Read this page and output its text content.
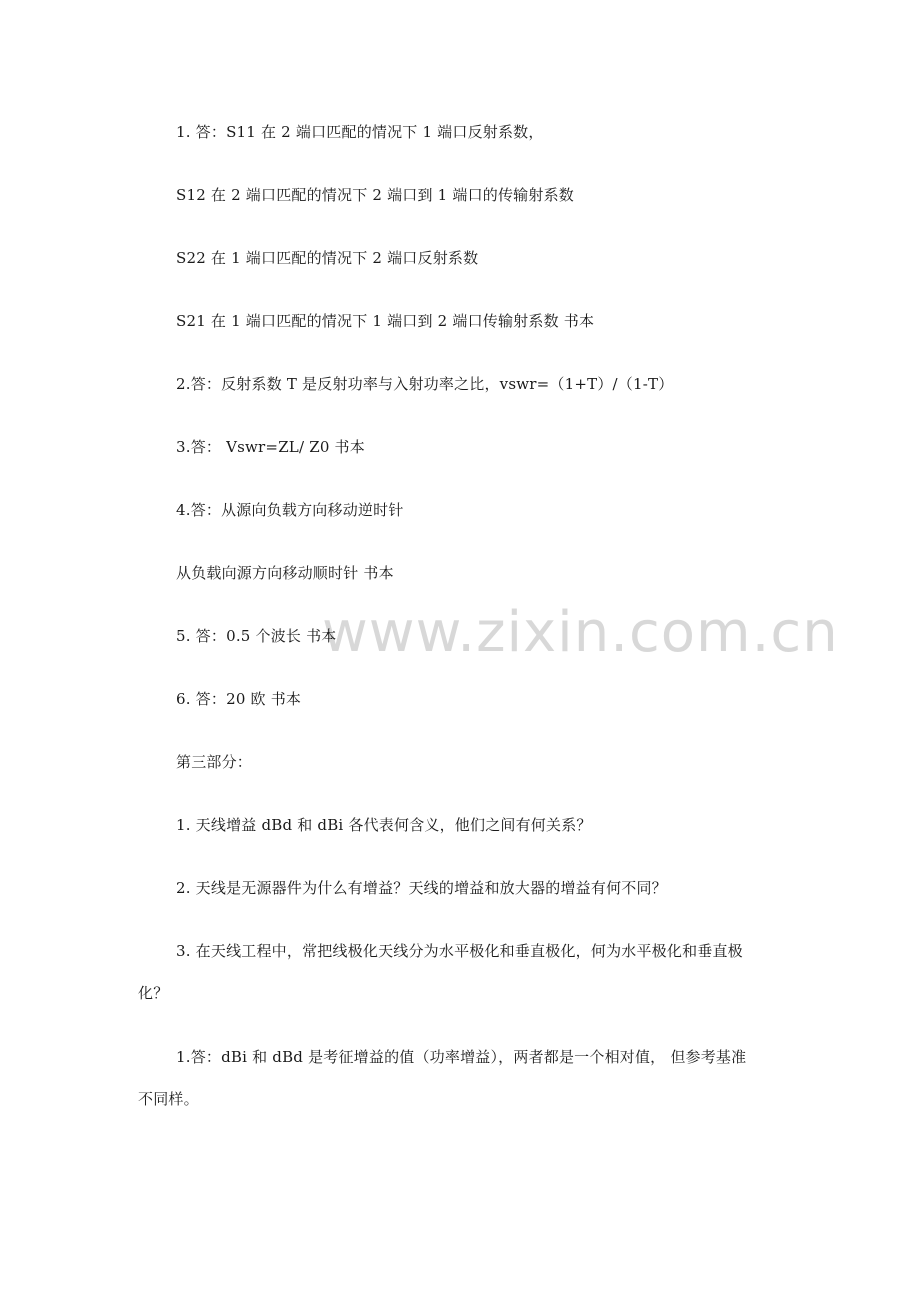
www.zixin.com.cn
1. 答：S11 在 2 端口匹配的情况下 1 端口反射系数，
S12 在 2 端口匹配的情况下 2 端口到 1 端口的传输射系数
S22 在 1 端口匹配的情况下 2 端口反射系数
S21 在 1 端口匹配的情况下 1 端口到 2 端口传输射系数 书本
2.答：反射系数 T 是反射功率与入射功率之比，vswr=（1+T）/（1-T）
3.答： Vswr=ZL/ Z0 书本
4.答：从源向负载方向移动逆时针
从负载向源方向移动顺时针 书本
5. 答：0.5 个波长 书本
6. 答：20 欧 书本
第三部分：
1. 天线增益 dBd 和 dBi 各代表何含义，他们之间有何关系？
2. 天线是无源器件为什么有增益？天线的增益和放大器的增益有何不同？
3. 在天线工程中，常把线极化天线分为水平极化和垂直极化，何为水平极化和垂直极
化？
1.答：dBi 和 dBd 是考征增益的值（功率增益），两者都是一个相对值， 但参考基准
不同样。
